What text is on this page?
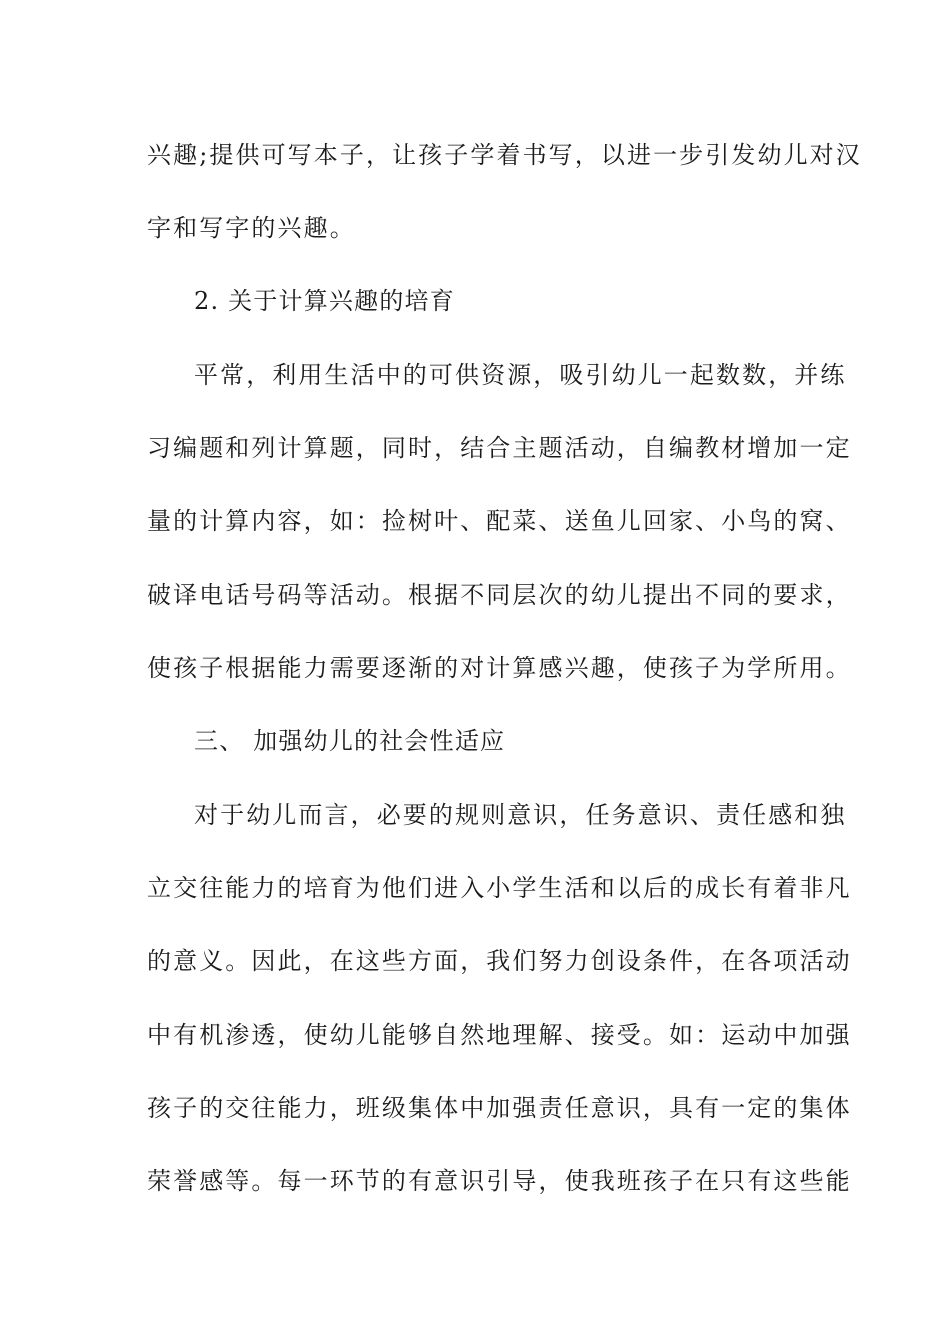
兴趣;提供可写本子，让孩子学着书写，以进一步引发幼儿对汉
字和写字的兴趣。
2. 关于计算兴趣的培育
平常，利用生活中的可供资源，吸引幼儿一起数数，并练
习编题和列计算题，同时，结合主题活动，自编教材增加一定
量的计算内容，如：捡树叶、配菜、送鱼儿回家、小鸟的窝、
破译电话号码等活动。根据不同层次的幼儿提出不同的要求，
使孩子根据能力需要逐渐的对计算感兴趣，使孩子为学所用。
三、 加强幼儿的社会性适应
对于幼儿而言，必要的规则意识，任务意识、责任感和独
立交往能力的培育为他们进入小学生活和以后的成长有着非凡
的意义。因此，在这些方面，我们努力创设条件，在各项活动
中有机渗透，使幼儿能够自然地理解、接受。如：运动中加强
孩子的交往能力，班级集体中加强责任意识，具有一定的集体
荣誉感等。每一环节的有意识引导，使我班孩子在只有这些能
